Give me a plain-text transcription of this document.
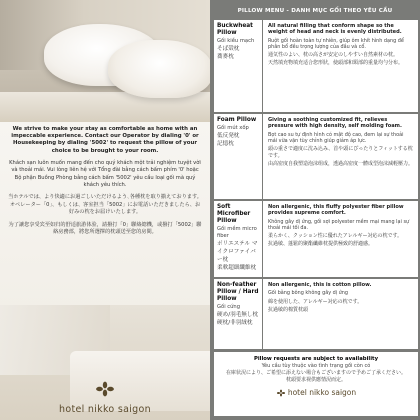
We strive to make your stay as comfortable as home with an impeccable experience. Contact our Operator by dialing '0' or Housekeeping by dialing '5002' to request the pillow of your choice to be brought to your room.

Khách sạn luôn muốn mang đến cho quý khách một trải nghiệm tuyệt vời và thoải mái. Vui lòng liên hệ với Tổng đài bằng cách bấm phím '0' hoặc Bộ phận Buồng Phòng bằng cách bấm '5002' yêu cầu loại gối mà quý khách yêu thích.

当ホテルでは、より快適にお過ごしいただけるよう､各種枕を取り揃えております。オペレーター「0」、もしくは、客室担当「5002」にお電話いただきましたら、お好みの枕をお届けいたします。

为了讓您享受宾至如归的舒适旅游体验，請撥打「0」聯絡總機，或撥打「5002」聯絡房務部，將您所選擇的枕頭送至您的房間。

hotel nikko saigon
PILLOW MENU - DANH MỤC GỐI THEO YÊU CẦU
Buckwheat Pillow
Gối kiều mạch
そば殻枕
蕎麥枕
All natural filling that conform shape so the weight of head and neck is evenly distributed.
Ruột gối hoàn toàn tự nhiên, giúp ôm khít hình dạng để phân bổ đều trọng lượng của đầu và cổ.
通気性のよい、枕の高さが安定のしやすい自然素材の枕。
天然填充物填充适合您形狀，使頭部和頸部的重量均勻分布。
Foam Pillow
Gối mút xốp
低反発枕
記憶枕
Giving a soothing customized fit, relieves pressure with high density, self molding foam.
Bọt cao su tự định hình có mật độ cao, đem lại sự thoải mái vừa vặn tùy chỉnh giúp giảm áp lực.
頭の重さで適度に沈み込み、首や頭にぴったりとフィットする枕です。
由高密度自我塑造泡沫组成，透過高密度一體成型泡沫減輕壓力。
Soft Microfiber Pillow
Gối mềm micro fiber
ポリエステル マイクロファイバー枕
柔軟超細纖維枕
Non allergenic, this fluffy polyester fiber pillow provides supreme comfort.
Không gây dị ứng, gối sợi polyester mềm mại mang lại sự thoải mái tối đa.
柔らかく、クッション性に優れたアレルギー対応の枕です。
抗過敏、蓬鬆的聚酯纖維枕提供極致的舒適感。
Non-feather Pillow / Hard Pillow
Gối cứng
硬め/羽毛無し枕
硬枕/非羽絨枕
Non allergenic, this is cotton pillow.
Gối bằng bông không gây dị ứng
綿を使用した、アレルギー対応の枕です。
抗過敏的棉質枕頭
Pillow requests are subject to availability
Yêu cầu tùy thuộc vào tình trạng gối còn có
在庫状況により、ご希望に添えない場合もございますので予めご了承ください。
枕頭要求视供應情況而定。
hotel nikko saigon
